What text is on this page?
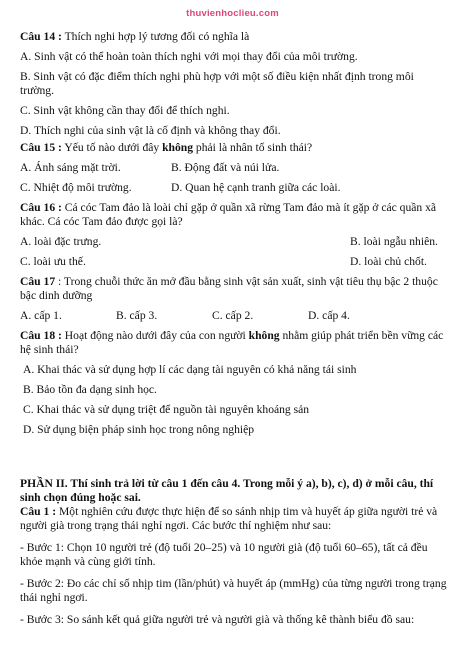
thuvienhoclieu.com

Câu 14 : Thích nghi hợp lý tương đối có nghĩa là

A. Sinh vật có thể hoàn toàn thích nghi với mọi thay đổi của môi trường.

B. Sinh vật có đặc điểm thích nghi phù hợp với một số điều kiện nhất định trong môi trường.

C. Sinh vật không cần thay đổi để thích nghi.

D. Thích nghi của sinh vật là cố định và không thay đổi.

Câu 15 : Yếu tố nào dưới đây không phải là nhân tố sinh thái?

A. Ánh sáng mặt trời.	B. Động đất và núi lửa.
C. Nhiệt độ môi trường.	D. Quan hệ cạnh tranh giữa các loài.

Câu 16 : Cá cóc Tam đảo là loài chỉ gặp ở quần xã rừng Tam đảo mà ít gặp ở các quần xã khác. Cá cóc Tam đảo được gọi là?

A. loài đặc trưng.	B. loài ngẫu nhiên.
C. loài ưu thế.	D. loài chủ chốt.

Câu 17 : Trong chuỗi thức ăn mở đầu bằng sinh vật sản xuất, sinh vật tiêu thụ bậc 2 thuộc bậc dinh dưỡng

A. cấp 1.	B. cấp 3.	C. cấp 2.	D. cấp 4.

Câu 18 : Hoạt động nào dưới đây của con người không nhằm giúp phát triển bền vững các hệ sinh thái?

A. Khai thác và sử dụng hợp lí các dạng tài nguyên có khả năng tái sinh

B. Bảo tồn đa dạng sinh học.

C. Khai thác và sử dụng triệt để nguồn tài nguyên khoáng sản

D. Sử dụng biện pháp sinh học trong nông nghiệp

PHẦN II. Thí sinh trả lời từ câu 1 đến câu 4. Trong mỗi ý a), b), c), d) ở mỗi câu, thí sinh chọn đúng hoặc sai.

Câu 1 : Một nghiên cứu được thực hiện để so sánh nhịp tim và huyết áp giữa người trẻ và người già trong trạng thái nghỉ ngơi. Các bước thí nghiệm như sau:

- Bước 1: Chọn 10 người trẻ (độ tuổi 20–25) và 10 người già (độ tuổi 60–65), tất cả đều khỏe mạnh và cùng giới tính.

- Bước 2: Đo các chỉ số nhịp tim (lần/phút) và huyết áp (mmHg) của từng người trong trạng thái nghỉ ngơi.

- Bước 3: So sánh kết quả giữa người trẻ và người già và thống kê thành biểu đồ sau:
